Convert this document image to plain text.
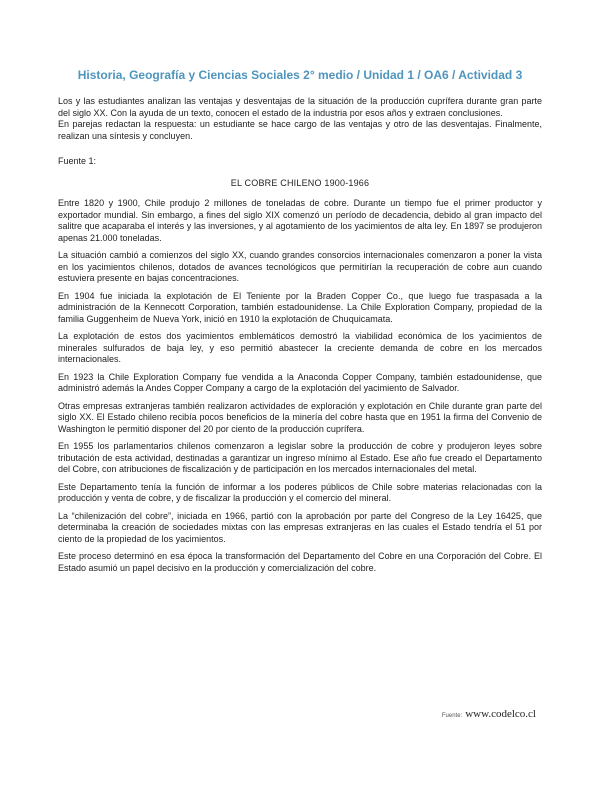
Historia, Geografía y Ciencias Sociales 2° medio / Unidad 1 / OA6 / Actividad 3

Los y las estudiantes analizan las ventajas y desventajas de la situación de la producción cuprífera durante gran parte del siglo XX. Con la ayuda de un texto, conocen el estado de la industria por esos años y extraen conclusiones.

En parejas redactan la respuesta: un estudiante se hace cargo de las ventajas y otro de las desventajas. Finalmente, realizan una síntesis y concluyen.

Fuente 1:
EL COBRE CHILENO 1900-1966

Entre 1820 y 1900, Chile produjo 2 millones de toneladas de cobre. Durante un tiempo fue el primer productor y exportador mundial. Sin embargo, a fines del siglo XIX comenzó un período de decadencia, debido al gran impacto del salitre que acaparaba el interés y las inversiones, y al agotamiento de los yacimientos de alta ley. En 1897 se produjeron apenas 21.000 toneladas.

La situación cambió a comienzos del siglo XX, cuando grandes consorcios internacionales comenzaron a poner la vista en los yacimientos chilenos, dotados de avances tecnológicos que permitirían la recuperación de cobre aun cuando estuviera presente en bajas concentraciones.

En 1904 fue iniciada la explotación de El Teniente por la Braden Copper Co., que luego fue traspasada a la administración de la Kennecott Corporation, también estadounidense. La Chile Exploration Company, propiedad de la familia Guggenheim de Nueva York, inició en 1910 la explotación de Chuquicamata.

La explotación de estos dos yacimientos emblemáticos demostró la viabilidad económica de los yacimientos de minerales sulfurados de baja ley, y eso permitió abastecer la creciente demanda de cobre en los mercados internacionales.

En 1923 la Chile Exploration Company fue vendida a la Anaconda Copper Company, también estadounidense, que administró además la Andes Copper Company a cargo de la explotación del yacimiento de Salvador.

Otras empresas extranjeras también realizaron actividades de exploración y explotación en Chile durante gran parte del siglo XX. El Estado chileno recibía pocos beneficios de la minería del cobre hasta que en 1951 la firma del Convenio de Washington le permitió disponer del 20 por ciento de la producción cuprífera.

En 1955 los parlamentarios chilenos comenzaron a legislar sobre la producción de cobre y produjeron leyes sobre tributación de esta actividad, destinadas a garantizar un ingreso mínimo al Estado. Ese año fue creado el Departamento del Cobre, con atribuciones de fiscalización y de participación en los mercados internacionales del metal.

Este Departamento tenía la función de informar a los poderes públicos de Chile sobre materias relacionadas con la producción y venta de cobre, y de fiscalizar la producción y el comercio del mineral.

La “chilenización del cobre”, iniciada en 1966, partió con la aprobación por parte del Congreso de la Ley 16425, que determinaba la creación de sociedades mixtas con las empresas extranjeras en las cuales el Estado tendría el 51 por ciento de la propiedad de los yacimientos.

Este proceso determinó en esa época la transformación del Departamento del Cobre en una Corporación del Cobre. El Estado asumió un papel decisivo en la producción y comercialización del cobre.

Fuente: www.codelco.cl
